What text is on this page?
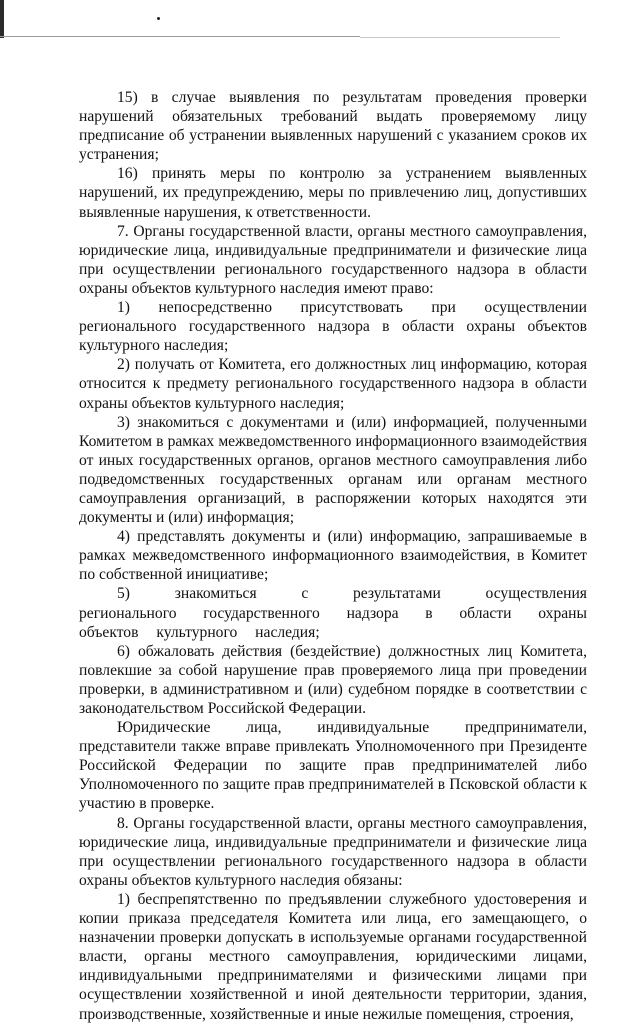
15) в случае выявления по результатам проведения проверки нарушений обязательных требований выдать проверяемому лицу предписание об устранении выявленных нарушений с указанием сроков их устранения;

16) принять меры по контролю за устранением выявленных нарушений, их предупреждению, меры по привлечению лиц, допустивших выявленные нарушения, к ответственности.

7. Органы государственной власти, органы местного самоуправления, юридические лица, индивидуальные предприниматели и физические лица при осуществлении регионального государственного надзора в области охраны объектов культурного наследия имеют право:

1) непосредственно присутствовать при осуществлении регионального государственного надзора в области охраны объектов культурного наследия;

2) получать от Комитета, его должностных лиц информацию, которая относится к предмету регионального государственного надзора в области охраны объектов культурного наследия;

3) знакомиться с документами и (или) информацией, полученными Комитетом в рамках межведомственного информационного взаимодействия от иных государственных органов, органов местного самоуправления либо подведомственных государственных органам или органам местного самоуправления организаций, в распоряжении которых находятся эти документы и (или) информация;

4) представлять документы и (или) информацию, запрашиваемые в рамках межведомственного информационного взаимодействия, в Комитет по собственной инициативе;

5) знакомиться с результатами осуществления регионального государственного надзора в области охраны объектов культурного наследия;

6) обжаловать действия (бездействие) должностных лиц Комитета, повлекшие за собой нарушение прав проверяемого лица при проведении проверки, в административном и (или) судебном порядке в соответствии с законодательством Российской Федерации.

Юридические лица, индивидуальные предприниматели, представители также вправе привлекать Уполномоченного при Президенте Российской Федерации по защите прав предпринимателей либо Уполномоченного по защите прав предпринимателей в Псковской области к участию в проверке.

8. Органы государственной власти, органы местного самоуправления, юридические лица, индивидуальные предприниматели и физические лица при осуществлении регионального государственного надзора в области охраны объектов культурного наследия обязаны:

1) беспрепятственно по предъявлении служебного удостоверения и копии приказа председателя Комитета или лица, его замещающего, о назначении проверки допускать в используемые органами государственной власти, органы местного самоуправления, юридическими лицами, индивидуальными предпринимателями и физическими лицами при осуществлении хозяйственной и иной деятельности территории, здания, производственные, хозяйственные и иные нежилые помещения, строения,
